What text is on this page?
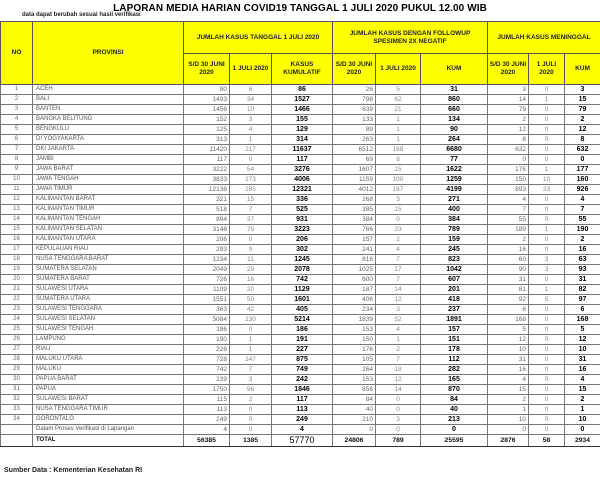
LAPORAN MEDIA HARIAN COVID19 TANGGAL 1 JULI 2020 PUKUL 12.00 WIB
data dapat berubah sesuai hasil verifikasi
NO	PROVINSI	JUMLAH KASUS TANGGAL 1 JULI 2020			JUMLAH KASUS DENGAN FOLLOWUP SPESIMEN 2X NEGATIF			JUMLAH KASUS MENINGGAL		
		S/D 30 JUNI 2020	1 JULI 2020	KASUS KUMULATIF	S/D 30 JUNI 2020	1 JULI 2020	KUM	S/D 30 JUNI 2020	1 JULI 2020	KUM
1	ACEH	80	6	86	26	5	31	3	0	3
2	BALI	1493	34	1527	798	62	860	14	1	15
3	BANTEN	1456	10	1466	639	21	660	79	0	79
4	BANGKA BELITUNG	152	3	155	133	1	134	2	0	2
5	BENGKULU	125	4	129	89	1	90	12	0	12
6	DI YOGYAKARTA	313	1	314	263	1	264	8	0	8
7	DKI JAKARTA	11420	217	11637	6512	168	6680	632	0	632
8	JAMBI	117	0	117	69	8	77	0	0	0
9	JAWA BARAT	3222	54	3276	1607	15	1622	176	1	177
10	JAWA TENGAH	3833	173	4006	1159	100	1259	150	10	160
11	JAWA TIMUR	12136	185	12321	4012	187	4199	893	33	926
12	KALIMANTAN BARAT	321	15	336	268	3	271	4	0	4
13	KALIMANTAN TIMUR	518	7	525	385	15	400	7	0	7
14	KALIMANTAN TENGAH	894	37	931	384	0	384	55	0	55
15	KALIMANTAN SELATAN	3148	75	3223	766	23	789	189	1	190
16	KALIMANTAN UTARA	206	0	206	157	2	159	2	0	2
17	KEPULAUAN RIAU	293	9	302	241	4	245	16	0	16
18	NUSA TENGGARA BARAT	1234	11	1245	816	7	823	60	3	63
19	SUMATERA SELATAN	2049	29	2078	1025	17	1042	90	3	93
20	SUMATERA BARAT	726	16	742	600	7	607	31	0	31
21	SULAWESI UTARA	1109	20	1129	187	14	201	81	1	82
22	SUMATERA UTARA	1551	50	1601	406	12	418	92	5	97
23	SULAWESI TENGGARA	363	42	405	234	3	237	6	0	6
24	SULAWESI SELATAN	5084	130	5214	1839	52	1891	168	0	168
25	SULAWESI TENGAH	186	0	186	153	4	157	5	0	5
26	LAMPUNG	190	1	191	150	1	151	12	0	12
27	RIAU	226	1	227	176	2	178	10	0	10
28	MALUKU UTARA	728	147	875	105	7	112	31	0	31
29	MALUKU	742	7	749	264	18	282	16	0	16
30	PAPUA BARAT	239	3	242	153	12	165	4	0	4
31	PAPUA	1750	96	1846	856	14	870	15	0	15
32	SULAWESI BARAT	115	2	117	84	0	84	2	0	2
33	NUSA TENGGARA TIMUR	113	0	113	40	0	40	1	0	1
34	GORONTALO	249	0	249	210	3	213	10	0	10
	Dalam Proses Verifikasi di Lapangan	4	0	4	0	0	0	0	0	0
	TOTAL	56385	1385	57770	24806	789	25595	2876	58	2934
Sumber Data : Kementerian Kesehatan RI
